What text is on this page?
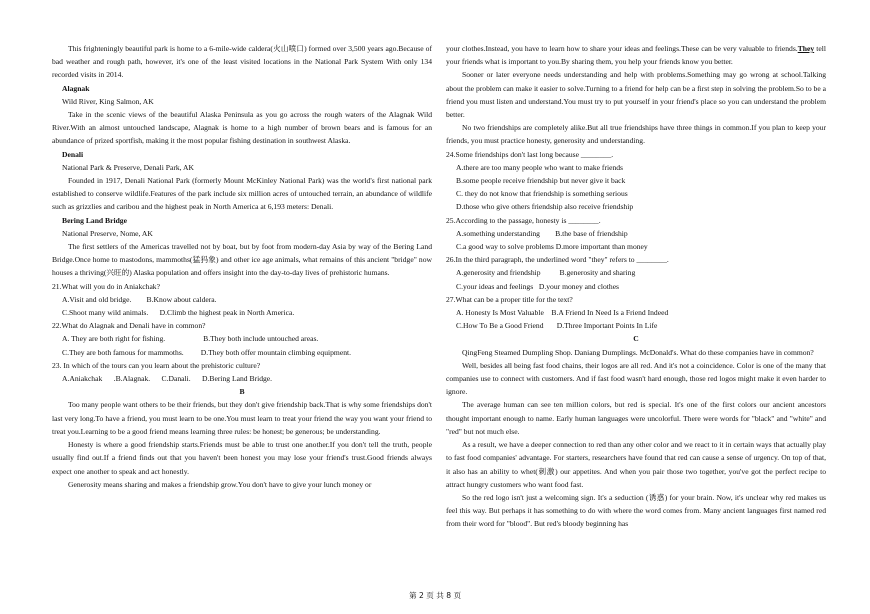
This frighteningly beautiful park is home to a 6-mile-wide caldera(火山喷口) formed over 3,500 years ago.Because of bad weather and rough path, however, it's one of the least visited locations in the National Park System With only 134 recorded visits in 2014.

Alagnak

Wild River, King Salmon, AK

Take in the scenic views of the beautiful Alaska Peninsula as you go across the rough waters of the Alagnak Wild River.With an almost untouched landscape, Alagnak is home to a high number of brown bears and is famous for an abundance of prized sportfish, making it the most popular fishing destination in southwest Alaska.

Denali

National Park & Preserve, Denali Park, AK

Founded in 1917, Denali National Park (formerly Mount McKinley National Park) was the world's first national park established to conserve wildlife.Features of the park include six million acres of untouched terrain, an abundance of wildlife such as grizzlies and caribou and the highest peak in North America at 6,193 meters: Denali.

Bering Land Bridge

National Preserve, Nome, AK

The first settlers of the Americas travelled not by boat, but by foot from modern-day Asia by way of the Bering Land Bridge.Once home to mastodons, mammoths(猛犸象) and other ice age animals, what remains of this ancient "bridge" now houses a thriving(兴旺的) Alaska population and offers insight into the day-to-day lives of prehistoric humans.

21.What will you do in Aniakchak?

A.Visit and old bridge.        B.Know about caldera.

C.Shoot many wild animals.      D.Climb the highest peak in North America.

22.What do Alagnak and Denali have in common?

A. They are both right for fishing.                    B.They both include untouched areas.

C.They are both famous for mammoths.         D.They both offer mountain climbing equipment.

23. In which of the tours can you learn about the prehistoric culture?

A.Aniakchak      .B.Alagnak.      C.Danali.      D.Bering Land Bridge.

B

Too many people want others to be their friends, but they don't give friendship back.That is why some friendships don't last very long.To have a friend, you must learn to be one.You must learn to treat your friend the way you want your friend to treat you.Learning to be a good friend means learning three rules: be honest; be generous; be understanding.

Honesty is where a good friendship starts.Friends must be able to trust one another.If you don't tell the truth, people usually find out.If a friend finds out that you haven't been honest you may lose your friend's trust.Good friends always expect one another to speak and act honestly.

Generosity means sharing and makes a friendship grow.You don't have to give your lunch money or

your clothes.Instead, you have to learn how to share your ideas and feelings.These can be very valuable to friends.They tell your friends what is important to you.By sharing them, you help your friends know you better.

Sooner or later everyone needs understanding and help with problems.Something may go wrong at school.Talking about the problem can make it easier to solve.Turning to a friend for help can be a first step in solving the problem.So to be a friend you must listen and understand.You must try to put yourself in your friend's place so you can understand the problem better.

No two friendships are completely alike.But all true friendships have three things in common.If you plan to keep your friends, you must practice honesty, generosity and understanding.

24.Some friendships don't last long because ________.

A.there are too many people who want to make friends

B.some people receive friendship but never give it back

C. they do not know that friendship is something serious

D.those who give others friendship also receive friendship

25.According to the passage, honesty is ________.

A.something understanding        B.the base of friendship

C.a good way to solve problems D.more important than money

26.In the third paragraph, the underlined word "they" refers to ________.

A.generosity and friendship          B.generosity and sharing

C.your ideas and feelings   D.your money and clothes

27.What can be a proper title for the text?

A. Honesty Is Most Valuable    B.A Friend In Need Is a Friend Indeed

C.How To Be a Good Friend       D.Three Important Points In Life

C

QingFeng Steamed Dumpling Shop. Daniang Dumplings. McDonald's. What do these companies have in common?

Well, besides all being fast food chains, their logos are all red. And it's not a coincidence. Color is one of the many that companies use to connect with customers. And if fast food wasn't hard enough, those red logos might make it even harder to ignore.

The average human can see ten million colors, but red is special. It's one of the first colors our ancient ancestors thought important enough to name. Early human languages were uncolorful. There were words for "black" and "white" and "red" but not much else.

As a result, we have a deeper connection to red than any other color and we react to it in certain ways that actually play to fast food companies' advantage. For starters, researchers have found that red can cause a sense of urgency. On top of that, it also has an ability to whet(刺激) our appetites. And when you pair those two together, you've got the perfect recipe to attract hungry customers who want food fast.

So the red logo isn't just a welcoming sign. It's a seduction (诱惑) for your brain. Now, it's unclear why red makes us feel this way. But perhaps it has something to do with where the word comes from. Many ancient languages first named red from their word for "blood". But red's bloody beginning has

第 2 页 共 8 页
